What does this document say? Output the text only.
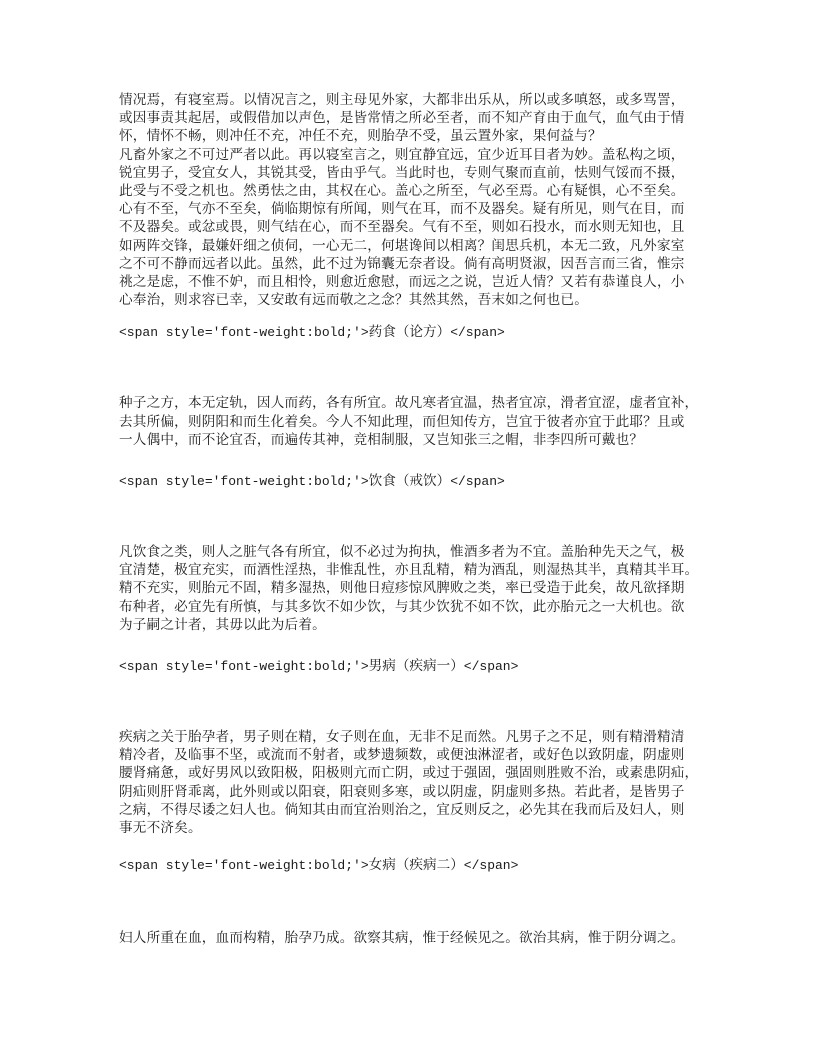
情况焉，有寝室焉。以情况言之，则主母见外家，大都非出乐从，所以或多嗔怒，或多骂詈，
或因事责其起居，或假借加以声色，是皆常情之所必至者，而不知产育由于血气，血气由于情
怀，情怀不畅，则冲任不充，冲任不充，则胎孕不受，虽云置外家，果何益与？
凡畜外家之不可过严者以此。再以寝室言之，则宜静宜远，宜少近耳目者为妙。盖私构之顷，
锐宜男子，受宜女人，其锐其受，皆由乎气。当此时也，专则气聚而直前，怯则气馁而不摄，
此受与不受之机也。然勇怯之由，其权在心。盖心之所至，气必至焉。心有疑惧，心不至矣。
心有不至，气亦不至矣，倘临期惊有所闻，则气在耳，而不及器矣。疑有所见，则气在目，而
不及器矣。或忿或畏，则气结在心，而不至器矣。气有不至，则如石投水，而水则无知也，且
如两阵交锋，最嫌奸细之侦伺，一心无二，何堪谗间以相离？闺思兵机，本无二致，凡外家室
之不可不静而远者以此。虽然，此不过为锦囊无奈者设。倘有高明贤淑，因吾言而三省，惟宗
祧之是虑，不惟不妒，而且相怜，则愈近愈慰，而远之之说，岂近人情？又若有恭谨良人，小
心奉治，则求容已幸，又安敢有远而敬之之念？其然其然，吾末如之何也已。

<span style='font-weight:bold;'>药食（论方）</span>

种子之方，本无定轨，因人而药，各有所宜。故凡寒者宜温，热者宜凉，滑者宜涩，虚者宜补，
去其所偏，则阴阳和而生化着矣。今人不知此理，而但知传方，岂宜于彼者亦宜于此耶？且或
一人偶中，而不论宜否，而遍传其神，竞相制服，又岂知张三之帽，非李四所可戴也？

<span style='font-weight:bold;'>饮食（戒饮）</span>

凡饮食之类，则人之脏气各有所宜，似不必过为拘执，惟酒多者为不宜。盖胎种先天之气，极
宜清楚，极宜充实，而酒性淫热，非惟乱性，亦且乱精，精为酒乱，则湿热其半，真精其半耳。
精不充实，则胎元不固，精多湿热，则他日痘疹惊风脾败之类，率已受造于此矣，故凡欲择期
布种者，必宜先有所慎，与其多饮不如少饮，与其少饮犹不如不饮，此亦胎元之一大机也。欲
为子嗣之计者，其毋以此为后着。

<span style='font-weight:bold;'>男病（疾病一）</span>

疾病之关于胎孕者，男子则在精，女子则在血，无非不足而然。凡男子之不足，则有精滑精清
精冷者，及临事不坚，或流而不射者，或梦遗频数，或便浊淋涩者，或好色以致阴虚，阴虚则
腰肾痛惫，或好男风以致阳极，阳极则亢而亡阴，或过于强固，强固则胜败不治，或素患阴疝，
阴疝则肝肾乖离，此外则或以阳衰，阳衰则多寒，或以阴虚，阴虚则多热。若此者，是皆男子
之病，不得尽诿之妇人也。倘知其由而宜治则治之，宜反则反之，必先其在我而后及妇人，则
事无不济矣。

<span style='font-weight:bold;'>女病（疾病二）</span>

妇人所重在血，血而构精，胎孕乃成。欲察其病，惟于经候见之。欲治其病，惟于阴分调之。
